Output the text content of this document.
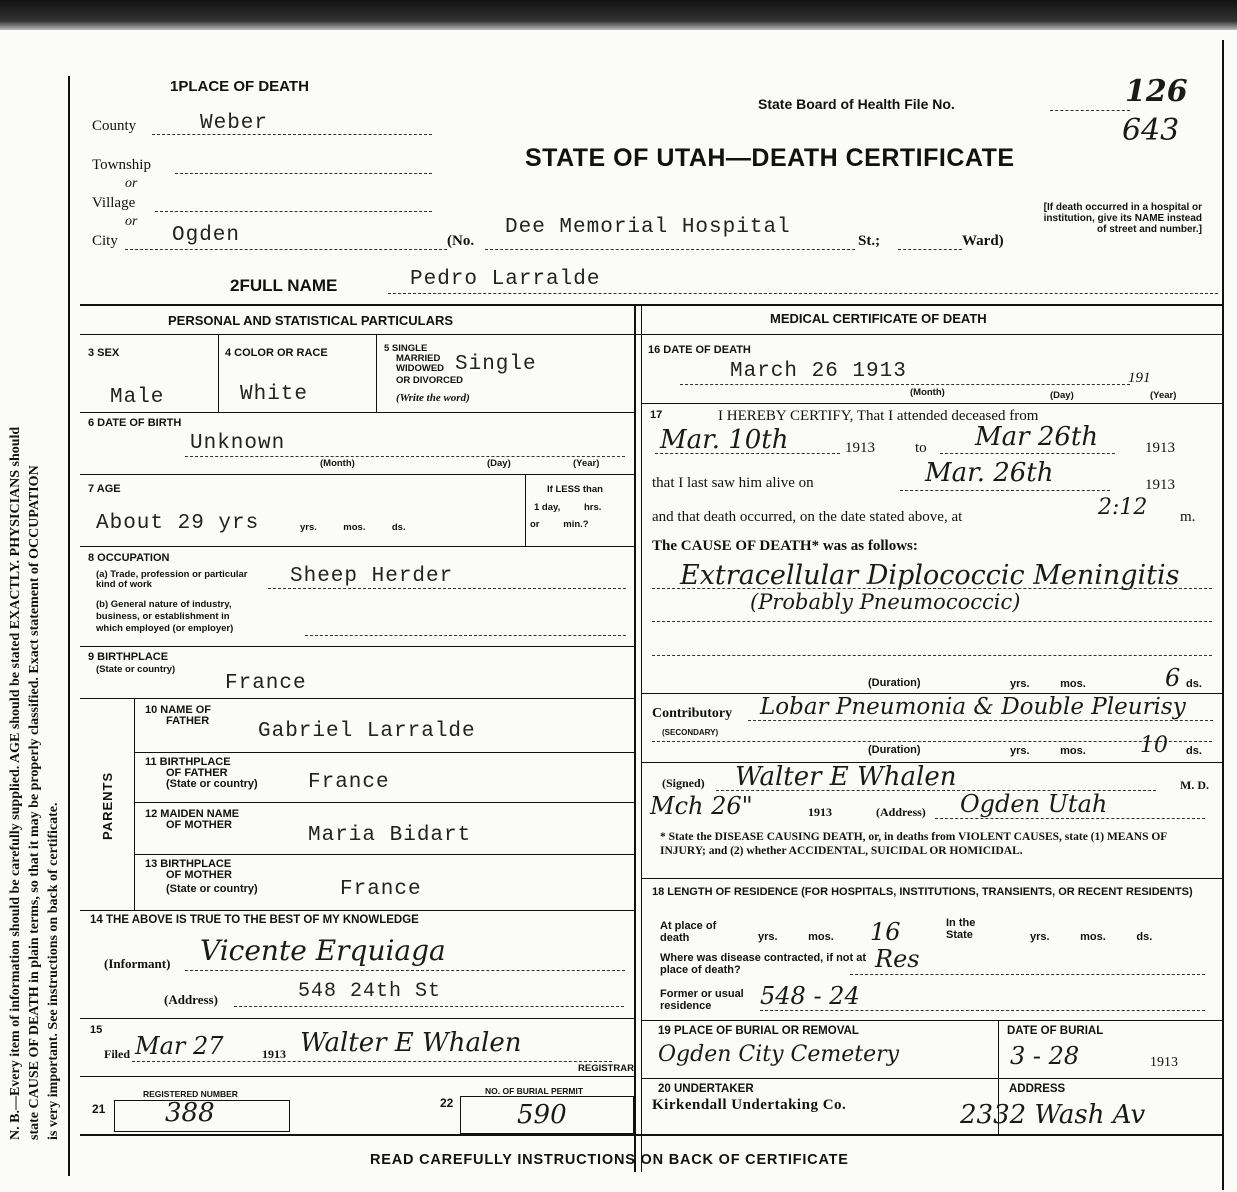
N. B.—Every item of information should be carefully supplied. AGE should be stated EXACTLY. PHYSICIANS should state CAUSE OF DEATH in plain terms, so that it may be properly classified. Exact statement of OCCUPATION is very important. See instructions on back of certificate.
1PLACE OF DEATH
State Board of Health File No.	126
643
STATE OF UTAH—DEATH CERTIFICATE
[If death occurred in a hospital or institution, give its NAME instead of street and number.]
County	Weber
Township
or
Village
or
City	Ogden	(No.
Dee Memorial Hospital
St.;	Ward)
2FULL NAME	Pedro Larralde
PERSONAL AND STATISTICAL PARTICULARS	MEDICAL CERTIFICATE OF DEATH
3 SEX
Male
4 COLOR OR RACE
White
5 SINGLE
MARRIED
WIDOWED
OR DIVORCED
(Write the word)
Single
6 DATE OF BIRTH
Unknown
(Month)	(Day)	(Year)
7 AGE
About 29 yrs	yrs.          mos.          ds.
If LESS than
1 day,         hrs.
or         min.?
8 OCCUPATION
(a) Trade, profession or particular kind of work	Sheep Herder
(b) General nature of industry,
business, or establishment in
which employed (or employer)
9 BIRTHPLACE
(State or country)
France
PARENTS
10 NAME OF
FATHER Gabriel Larralde
11 BIRTHPLACE
OF FATHER
(State or country) France
12 MAIDEN NAME
OF MOTHER	Maria Bidart
13 BIRTHPLACE
OF MOTHER
(State or country)	France
14 THE ABOVE IS TRUE TO THE BEST OF MY KNOWLEDGE
(Informant) Vicente Erquiaga
(Address)	548 24th St
15
Filed Mar 27	1913 Walter E Whalen
REGISTRAR
REGISTERED NUMBER
21 388
NO. OF BURIAL PERMIT
22 590
16 DATE OF DEATH
March 26 1913	191
(Month)	(Day)	(Year)
17	I HEREBY CERTIFY, That I attended deceased from
Mar. 10th	1913	to Mar 26th	1913
that I last saw him alive on	Mar. 26th	1913
and that death occurred, on the date stated above, at	2:12 m.
The CAUSE OF DEATH* was as follows:
Extracellular Diplococcic Meningitis
(Probably Pneumococcic)
(Duration)	yrs.          mos.	6 ds.
Contributory
(SECONDARY)
Lobar Pneumonia & Double Pleurisy
(Duration)	yrs.          mos. 10 ds.
(Signed) Walter E Whalen	M. D.
Mch 26"	1913	(Address) Ogden Utah
* State the DISEASE CAUSING DEATH, or, in deaths from VIOLENT CAUSES, state (1) MEANS OF INJURY; and (2) whether ACCIDENTAL, SUICIDAL OR HOMICIDAL.
18 LENGTH OF RESIDENCE (FOR HOSPITALS, INSTITUTIONS, TRANSIENTS, OR RECENT RESIDENTS)
At place of death	yrs.          mos. 16	In the State	yrs.          mos.          ds.
Where was disease contracted, if not at place of death?	Res
Former or usual residence	548 - 24
19 PLACE OF BURIAL OR REMOVAL
Ogden City Cemetery
DATE OF BURIAL
3 - 28	1913
20 UNDERTAKER
Kirkendall Undertaking Co.
ADDRESS
2332 Wash Av
READ CAREFULLY INSTRUCTIONS ON BACK OF CERTIFICATE
